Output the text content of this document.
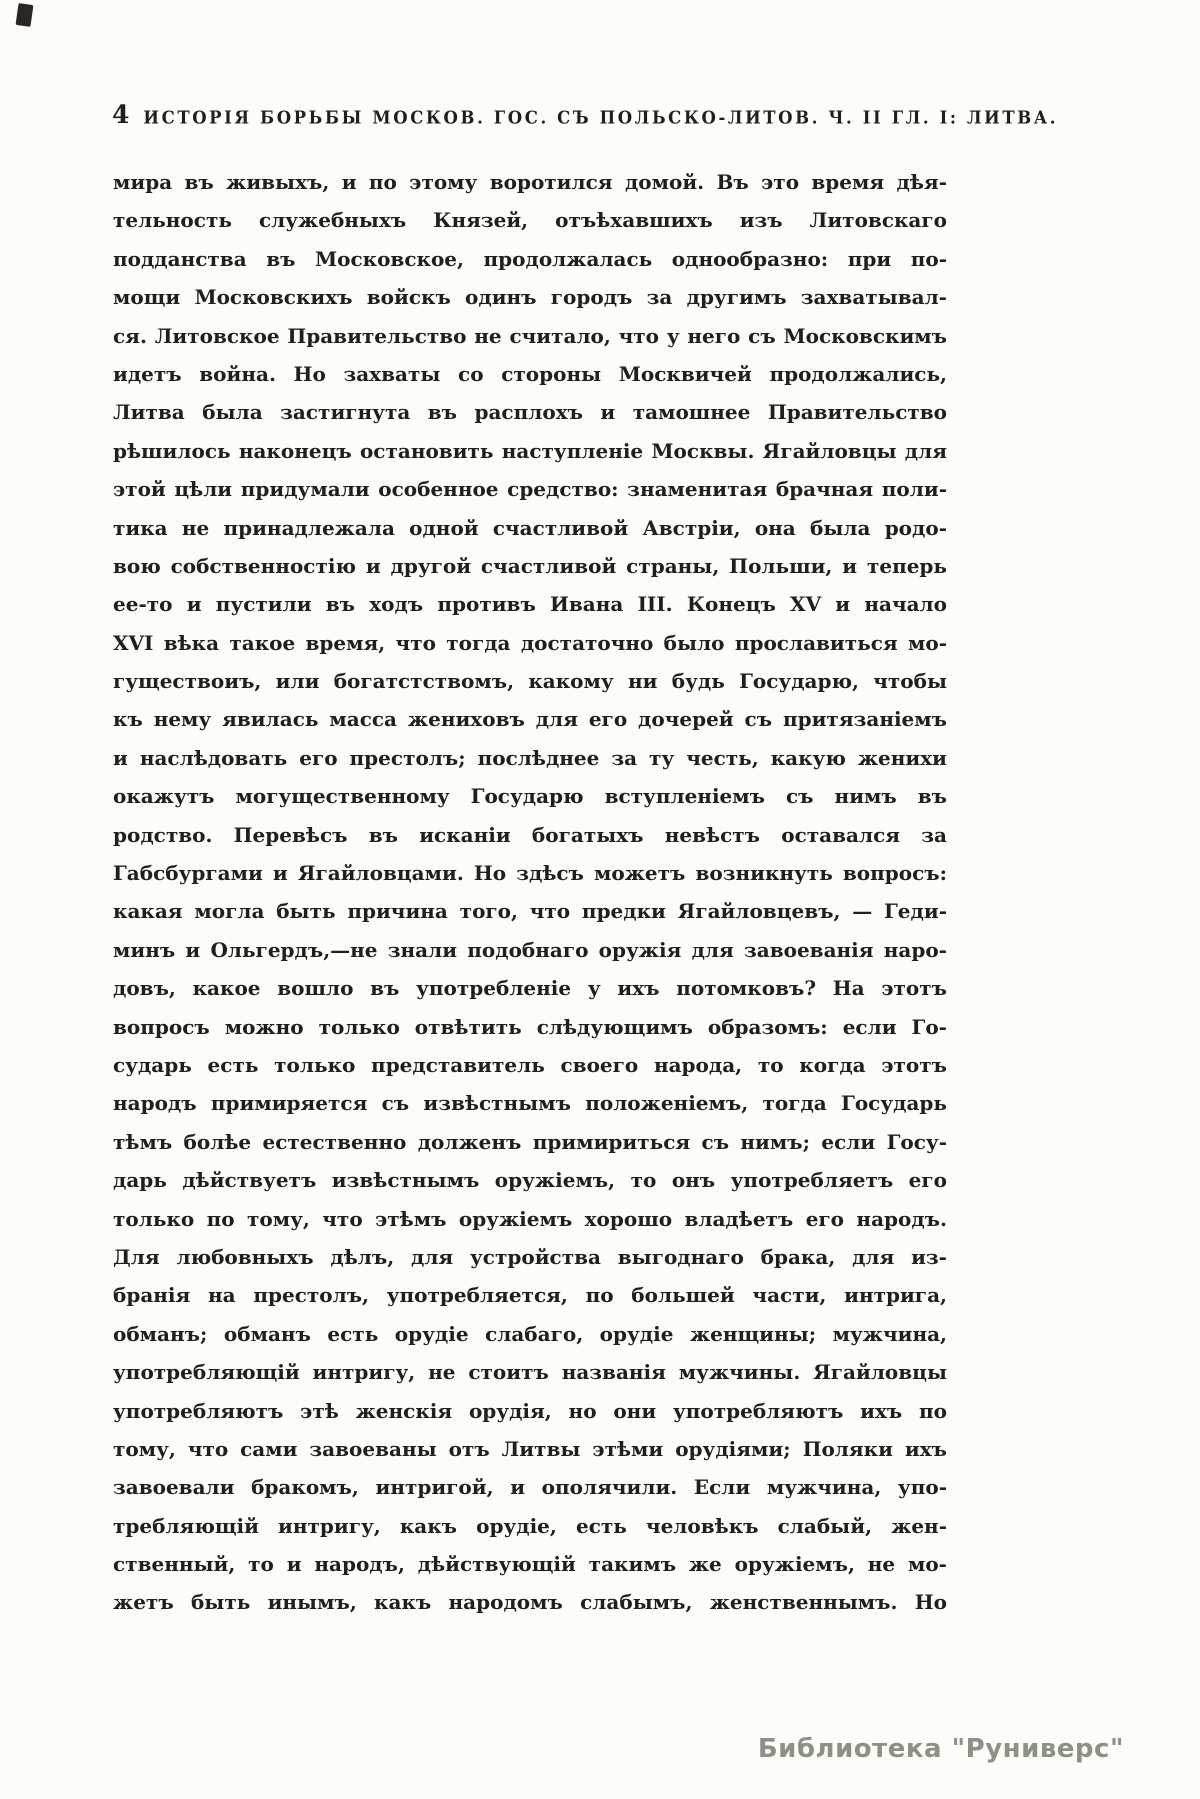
4 ИСТОРІЯ БОРЬБЫ МОСКОВ. ГОС. СЪ ПОЛЬСКО-ЛИТОВ. Ч. II ГЛ. I: ЛИТВА.
мира въ живыхъ, и по этому воротился домой. Въ это время дѣя-
тельность служебныхъ Князей, отъѣхавшихъ изъ Литовскаго
подданства въ Московское, продолжалась однообразно: при по-
мощи Московскихъ войскъ одинъ городъ за другимъ захватывал-
ся. Литовское Правительство не считало, что у него съ Московскимъ
идетъ война. Но захваты со стороны Москвичей продолжались,
Литва была застигнута въ расплохъ и тамошнее Правительство
рѣшилось наконецъ остановить наступленіе Москвы. Ягайловцы для
этой цѣли придумали особенное средство: знаменитая брачная поли-
тика не принадлежала одной счастливой Австріи, она была родо-
вою собственностію и другой счастливой страны, Польши, и теперь
ее-то и пустили въ ходъ противъ Ивана III. Конецъ XV и начало
XVI вѣка такое время, что тогда достаточно было прославиться мо-
гуществоиъ, или богатстствомъ, какому ни будь Государю, чтобы
къ нему явилась масса жениховъ для его дочерей съ притязаніемъ
и наслѣдовать его престолъ; послѣднее за ту честь, какую женихи
окажутъ могущественному Государю вступленіемъ съ нимъ въ
родство. Перевѣсъ въ исканіи богатыхъ невѣстъ оставался за
Габсбургами и Ягайловцами. Но здѣсъ можетъ возникнуть вопросъ:
какая могла быть причина того, что предки Ягайловцевъ, — Геди-
минъ и Ольгердъ,—не знали подобнаго оружія для завоеванія наро-
довъ, какое вошло въ употребленіе у ихъ потомковъ? На этотъ
вопросъ можно только отвѣтить слѣдующимъ образомъ: если Го-
сударь есть только представитель своего народа, то когда этотъ
народъ примиряется съ извѣстнымъ положеніемъ, тогда Государь
тѣмъ болѣе естественно долженъ примириться съ нимъ; если Госу-
дарь дѣйствуетъ извѣстнымъ оружіемъ, то онъ употребляетъ его
только по тому, что этѣмъ оружіемъ хорошо владѣетъ его народъ.
Для любовныхъ дѣлъ, для устройства выгоднаго брака, для из-
бранія на престолъ, употребляется, по большей части, интрига,
обманъ; обманъ есть орудіе слабаго, орудіе женщины; мужчина,
употребляющій интригу, не стоитъ названія мужчины. Ягайловцы
употребляютъ этѣ женскія орудія, но они употребляютъ ихъ по
тому, что сами завоеваны отъ Литвы этѣми орудіями; Поляки ихъ
завоевали бракомъ, интригой, и ополячили. Если мужчина, упо-
требляющій интригу, какъ орудіе, есть человѣкъ слабый, жен-
ственный, то и народъ, дѣйствующій такимъ же оружіемъ, не мо-
жетъ быть инымъ, какъ народомъ слабымъ, женственнымъ. Но
Библиотека "Руниверс"
